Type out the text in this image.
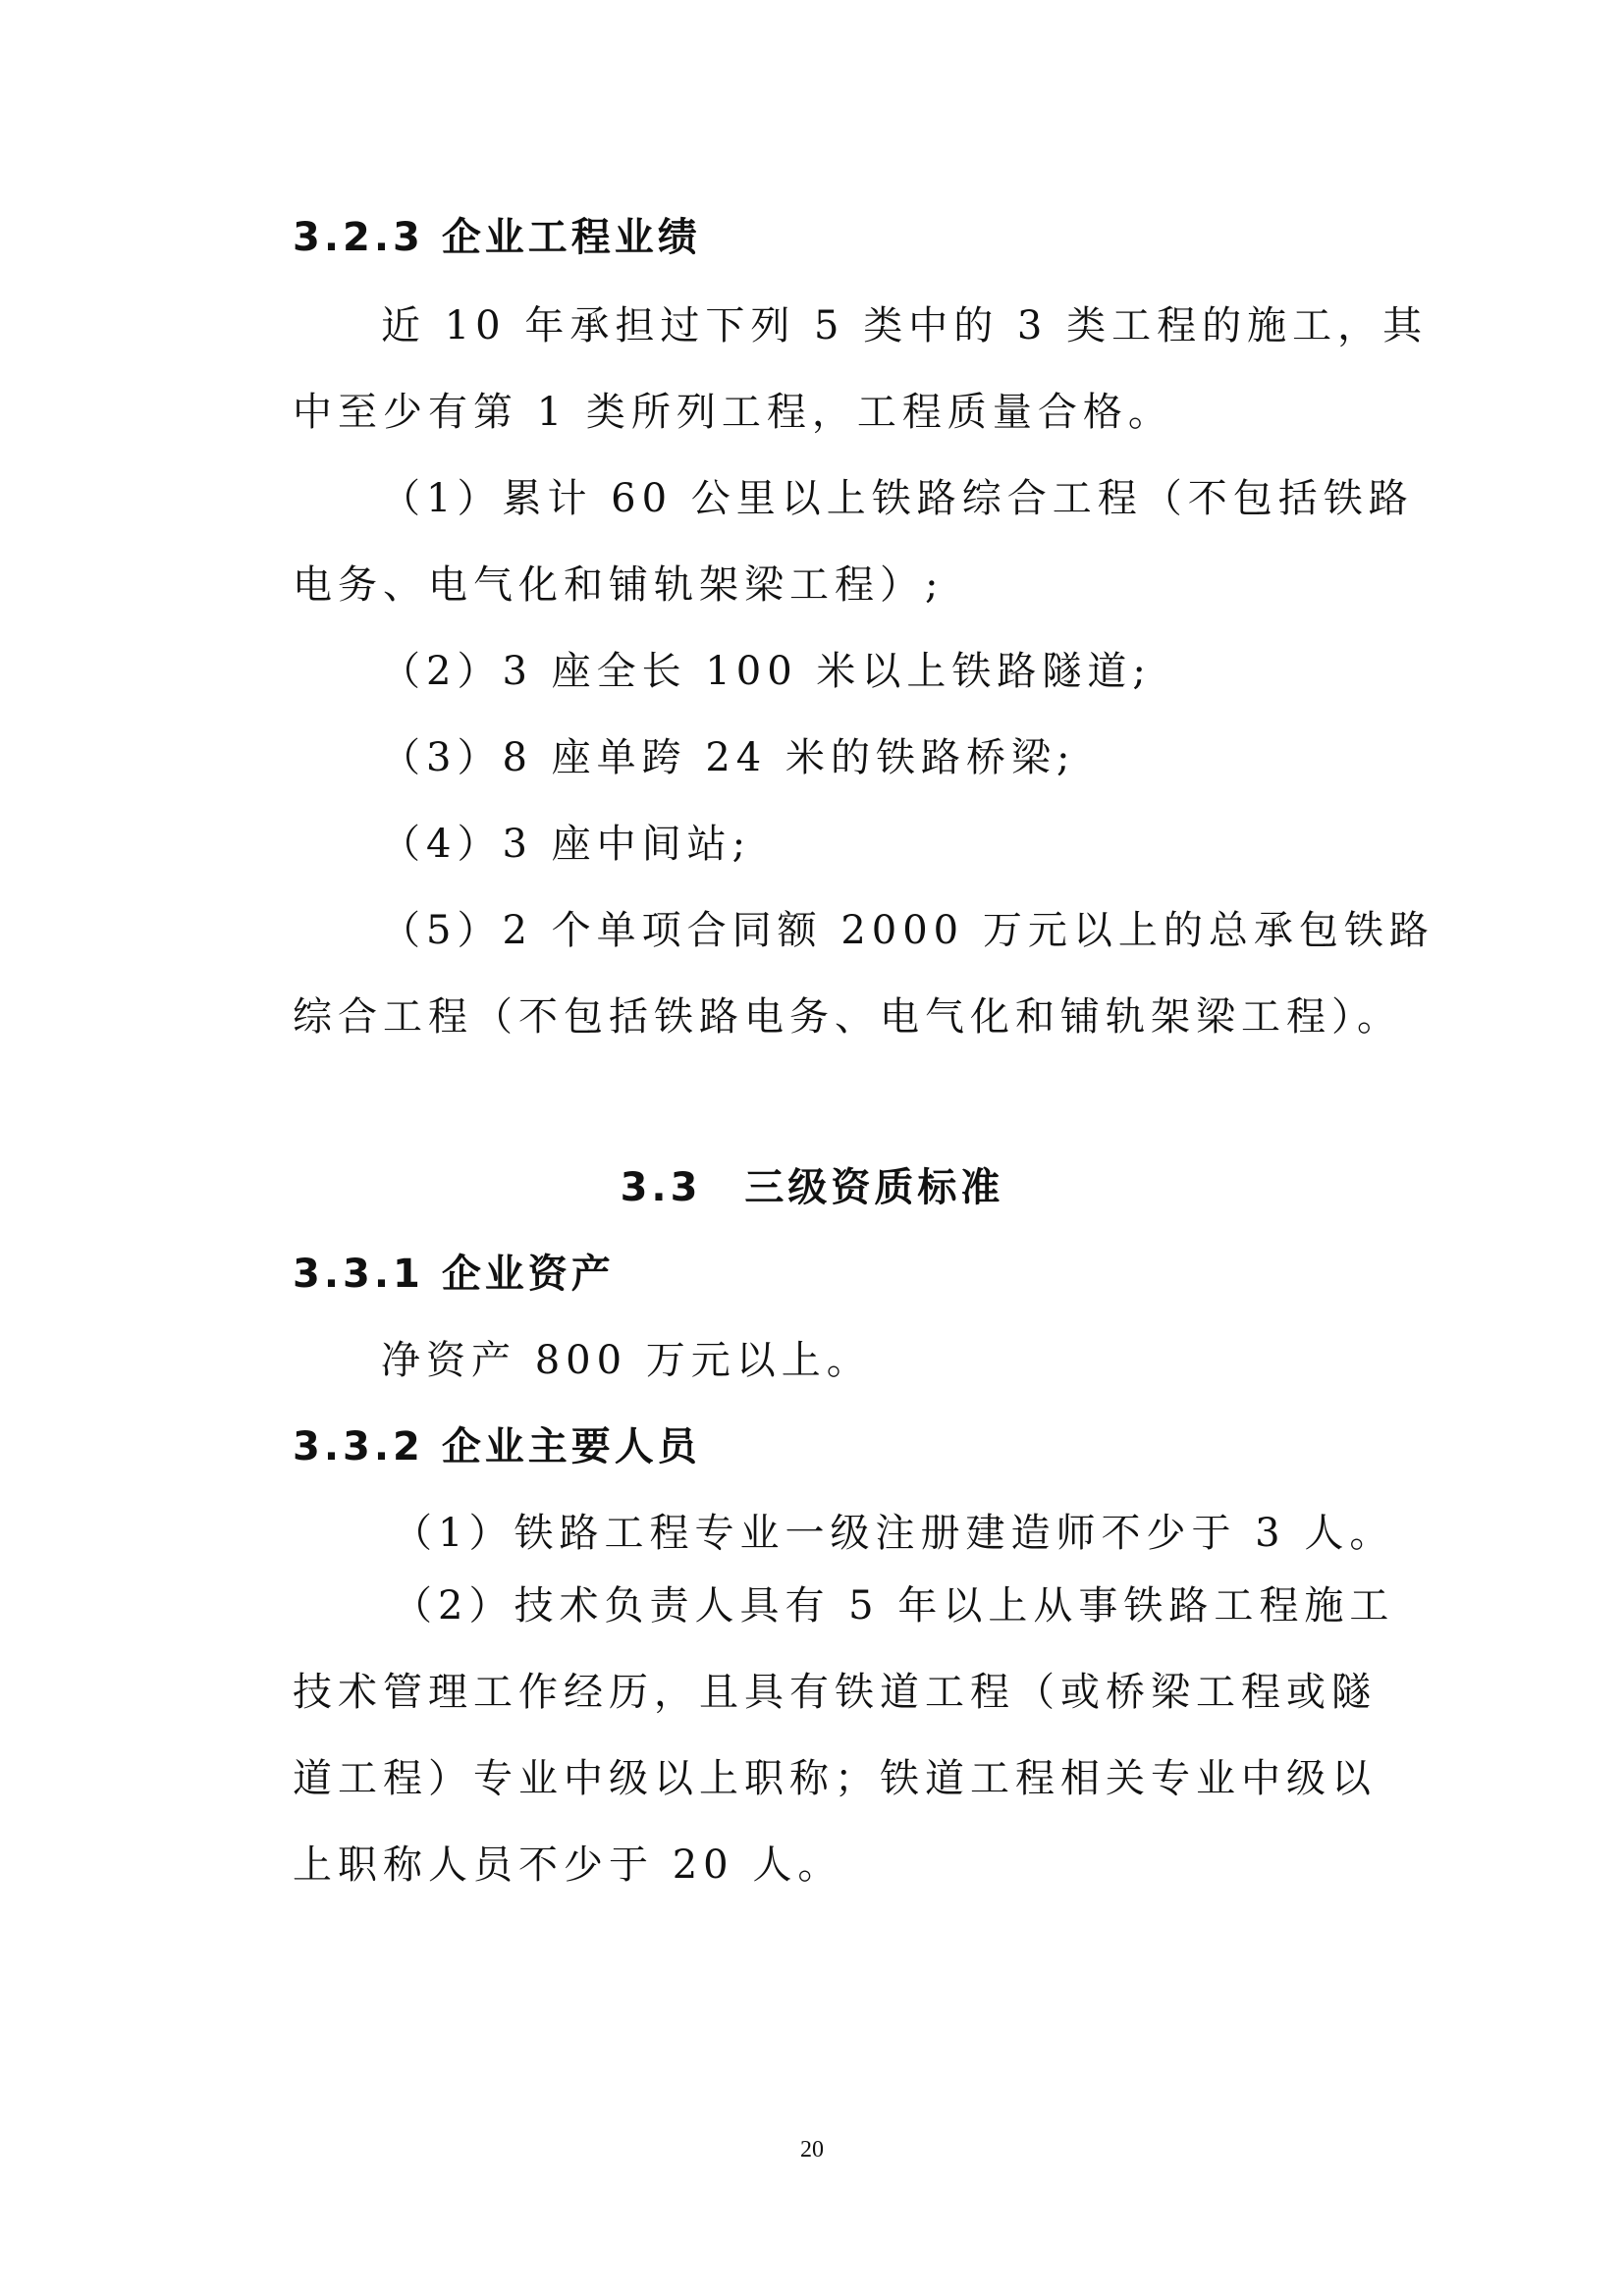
3.2.3 企业工程业绩
近 10 年承担过下列 5 类中的 3 类工程的施工，其
中至少有第 1 类所列工程，工程质量合格。
（1）累计 60 公里以上铁路综合工程（不包括铁路
电务、电气化和铺轨架梁工程）;
（2）3 座全长 100 米以上铁路隧道;
（3）8 座单跨 24 米的铁路桥梁;
（4）3 座中间站;
（5）2 个单项合同额 2000 万元以上的总承包铁路
综合工程（不包括铁路电务、电气化和铺轨架梁工程）。
3.3　三级资质标准
3.3.1 企业资产
净资产 800 万元以上。
3.3.2 企业主要人员
（1）铁路工程专业一级注册建造师不少于 3 人。
（2）技术负责人具有 5 年以上从事铁路工程施工
技术管理工作经历，且具有铁道工程（或桥梁工程或隧
道工程）专业中级以上职称；铁道工程相关专业中级以
上职称人员不少于 20 人。
20
